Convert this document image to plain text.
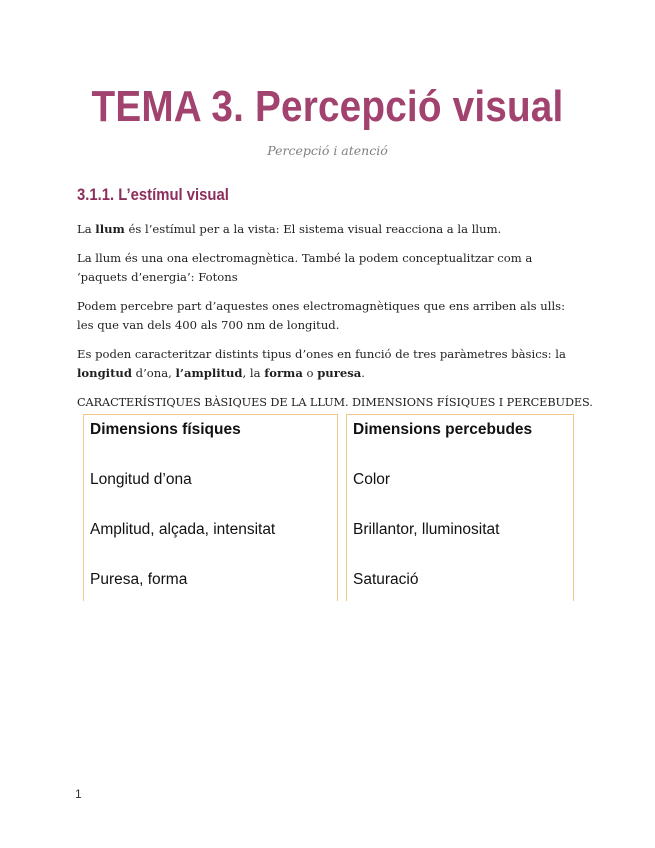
TEMA 3. Percepció visual

Percepció i atenció

3.1.1. L’estímul visual

La llum és l’estímul per a la vista: El sistema visual reacciona a la llum.

La llum és una ona electromagnètica. També la podem conceptualitzar com a ‘paquets d’energia’: Fotons

Podem percebre part d’aquestes ones electromagnètiques que ens arriben als ulls: les que van dels 400 als 700 nm de longitud.

Es poden caracteritzar distints tipus d’ones en funció de tres paràmetres bàsics: la longitud d’ona, l’amplitud, la forma o puresa.

CARACTERÍSTIQUES BÀSIQUES DE LA LLUM. DIMENSIONS FÍSIQUES I PERCEBUDES.

Dimensions físiques
Longitud d’ona
Amplitud, alçada, intensitat
Puresa, forma
Dimensions percebudes
Color
Brillantor, lluminositat
Saturació
1
